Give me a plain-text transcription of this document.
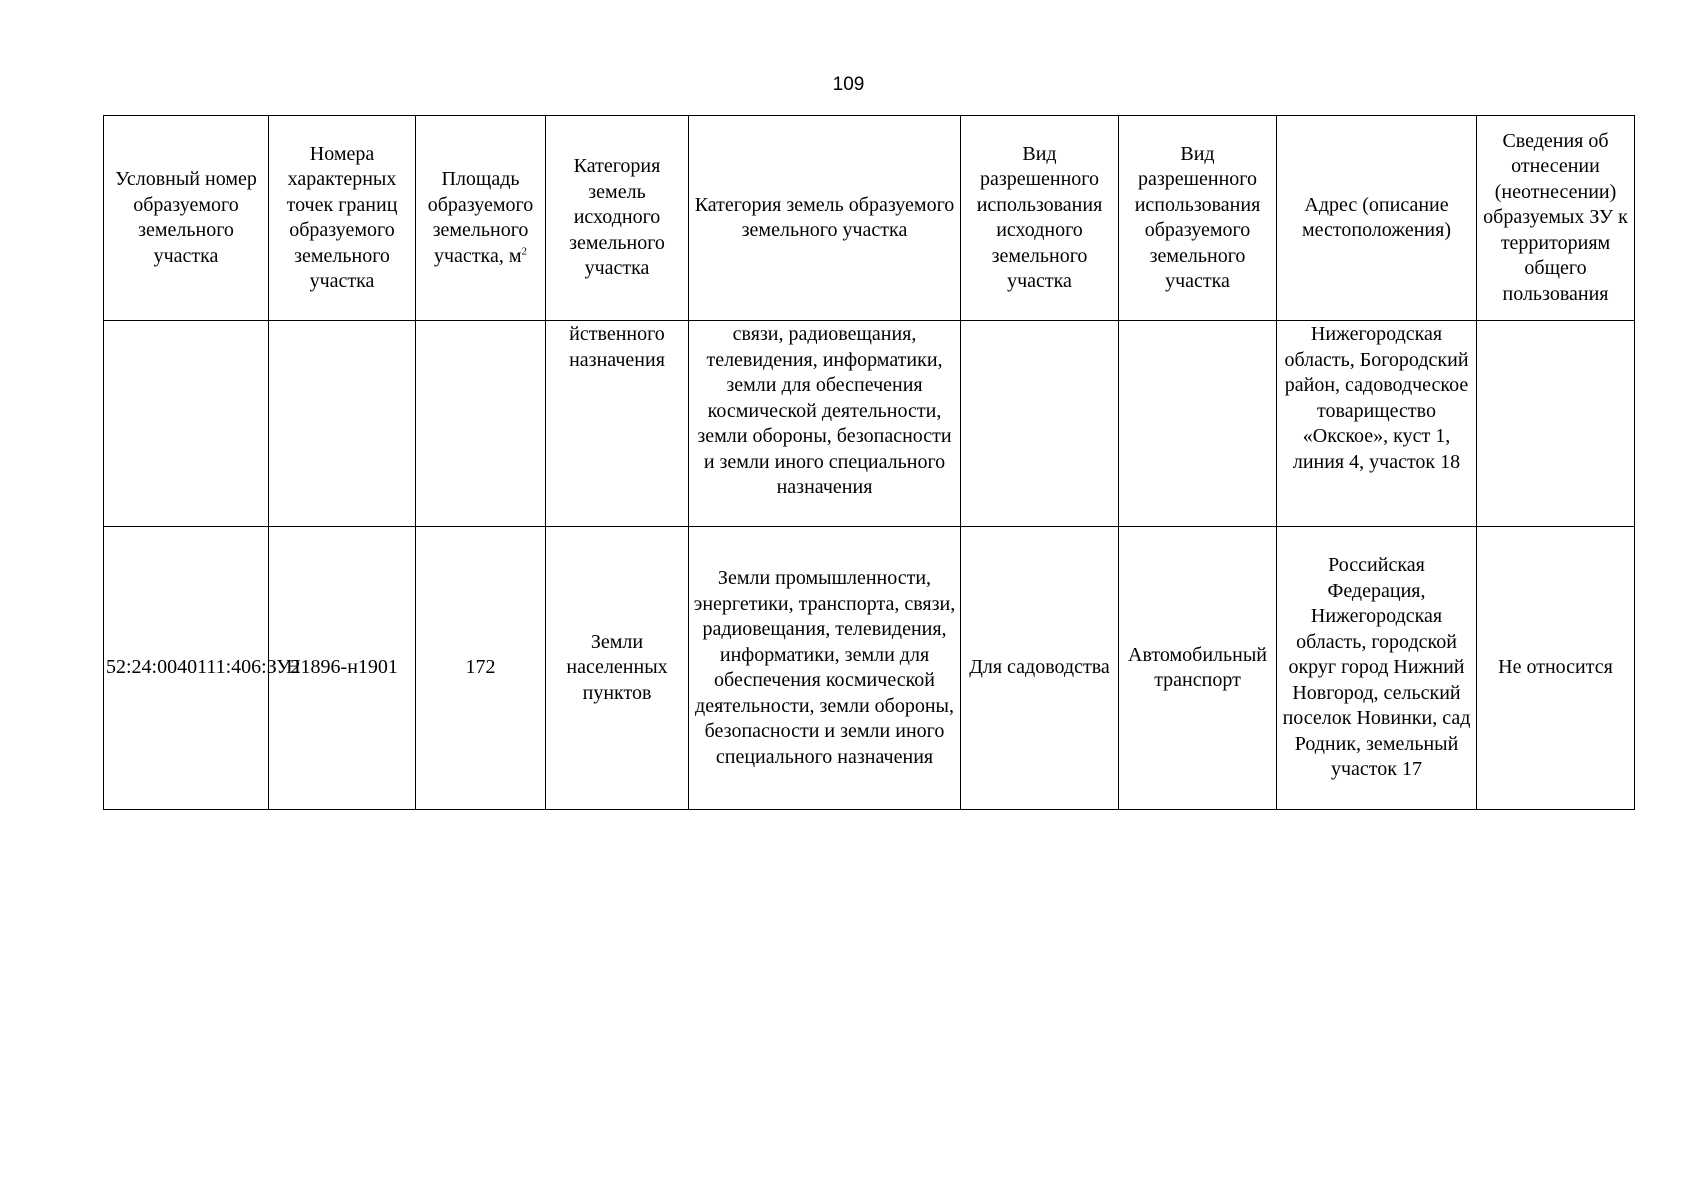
109
Условный номер образуемого земельного участка	Номера характерных точек границ образуемого земельного участка	Площадь образуемого земельного участка, $м^2$	Категория земель исходного земельного участка	Категория земель образуемого земельного участка	Вид разрешенного использования исходного земельного участка	Вид разрешенного использования образуемого земельного участка	Адрес (описание местоположения)	Сведения об отнесении (неотнесении) образуемых ЗУ к территориям общего пользования
			йственного назначения	связи, радиовещания, телевидения, информатики, земли для обеспечения космической деятельности, земли обороны, безопасности и земли иного специального назначения			Нижегородская область, Богородский район, садоводческое товарищество «Окское», куст 1, линия 4, участок 18	
52:24:0040111:406:ЗУ2	Н1896-н1901	172	Земли населенных пунктов	Земли промышленности, энергетики, транспорта, связи, радиовещания, телевидения, информатики, земли для обеспечения космической деятельности, земли обороны, безопасности и земли иного специального назначения	Для садоводства	Автомобильный транспорт	Российская Федерация, Нижегородская область, городской округ город Нижний Новгород, сельский поселок Новинки, сад Родник, земельный участок 17	Не относится
